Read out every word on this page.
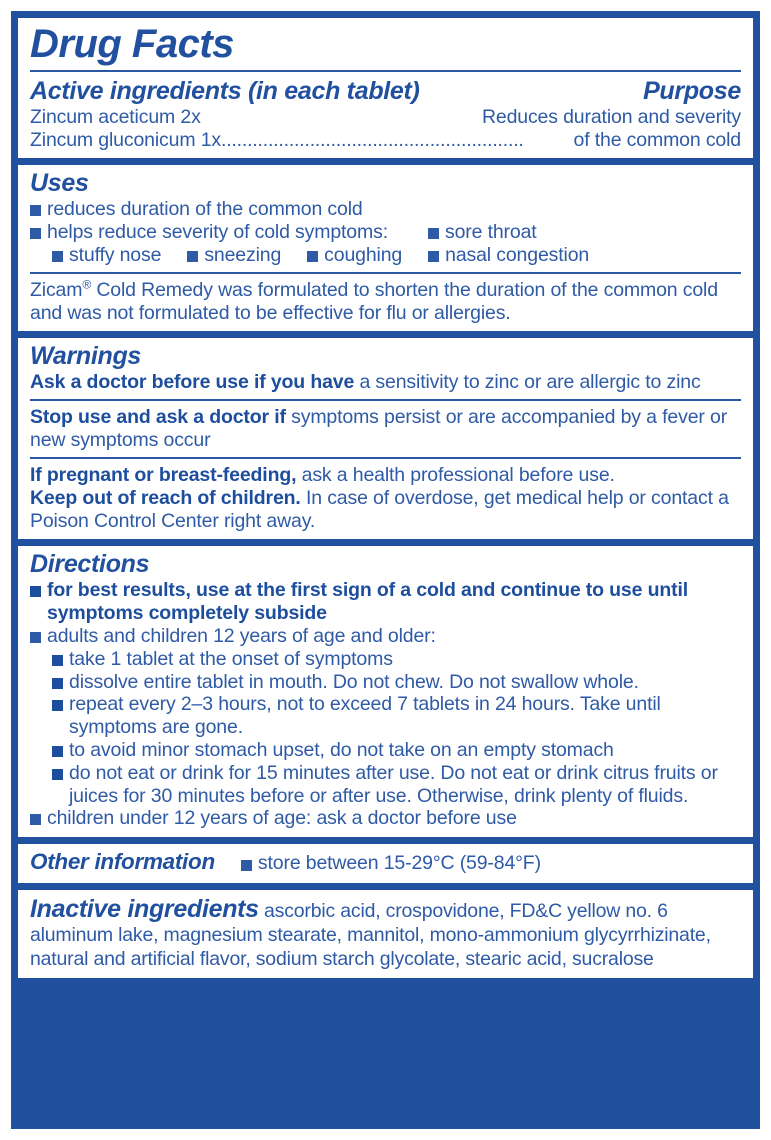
Drug Facts
Active ingredients (in each tablet)	Purpose
Zincum aceticum 2x	Reduces duration and severity
Zincum gluconicum 1x ..........................................................	of the common cold
Uses
reduces duration of the common cold
helps reduce severity of cold symptoms:	sore throat
stuffy nose sneezing coughing nasal congestion
Zicam® Cold Remedy was formulated to shorten the duration of the common cold and was not formulated to be effective for flu or allergies.
Warnings
Ask a doctor before use if you have a sensitivity to zinc or are allergic to zinc
Stop use and ask a doctor if symptoms persist or are accompanied by a fever or new symptoms occur
If pregnant or breast-feeding, ask a health professional before use.
Keep out of reach of children. In case of overdose, get medical help or contact a Poison Control Center right away.
Directions
for best results, use at the first sign of a cold and continue to use until symptoms completely subside
adults and children 12 years of age and older:
take 1 tablet at the onset of symptoms
dissolve entire tablet in mouth. Do not chew. Do not swallow whole.
repeat every 2–3 hours, not to exceed 7 tablets in 24 hours. Take until symptoms are gone.
to avoid minor stomach upset, do not take on an empty stomach
do not eat or drink for 15 minutes after use. Do not eat or drink citrus fruits or juices for 30 minutes before or after use. Otherwise, drink plenty of fluids.
children under 12 years of age: ask a doctor before use
Other information store between 15-29°C (59-84°F)
Inactive ingredients ascorbic acid, crospovidone, FD&C yellow no. 6 aluminum lake, magnesium stearate, mannitol, mono-ammonium glycyrrhizinate, natural and artificial flavor, sodium starch glycolate, stearic acid, sucralose
